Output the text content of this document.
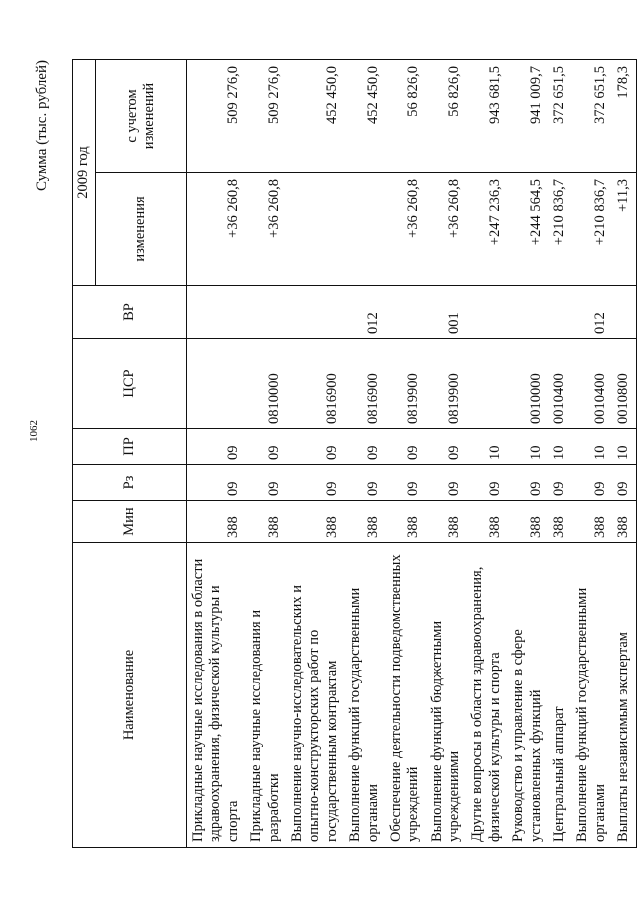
1062
Сумма (тыс. рублей)
Наименование	Мин	Рз	ПР	ЦСР	ВР	2009 год	
						изменения	с учетом изменений

Прикладные научные исследования в области здравоохранения, физической культуры и спорта	388	09	09			+36 260,8	509 276,0
Прикладные научные исследования и разработки	388	09	09	0810000		+36 260,8	509 276,0
Выполнение научно-исследовательских и опытно-конструкторских работ по государственным контрактам	388	09	09	0816900			452 450,0
Выполнение функций государственными органами	388	09	09	0816900	012		452 450,0
Обеспечение деятельности подведомственных учреждений	388	09	09	0819900		+36 260,8	56 826,0
Выполнение функций бюджетными учреждениями	388	09	09	0819900	001	+36 260,8	56 826,0
Другие вопросы в области здравоохранения, физической культуры и спорта	388	09	10			+247 236,3	943 681,5
Руководство и управление в сфере установленных функций	388	09	10	0010000		+244 564,5	941 009,7
Центральный аппарат	388	09	10	0010400		+210 836,7	372 651,5
Выполнение функций государственными органами	388	09	10	0010400	012	+210 836,7	372 651,5
Выплаты независимым экспертам	388	09	10	0010800		+11,3	178,3
